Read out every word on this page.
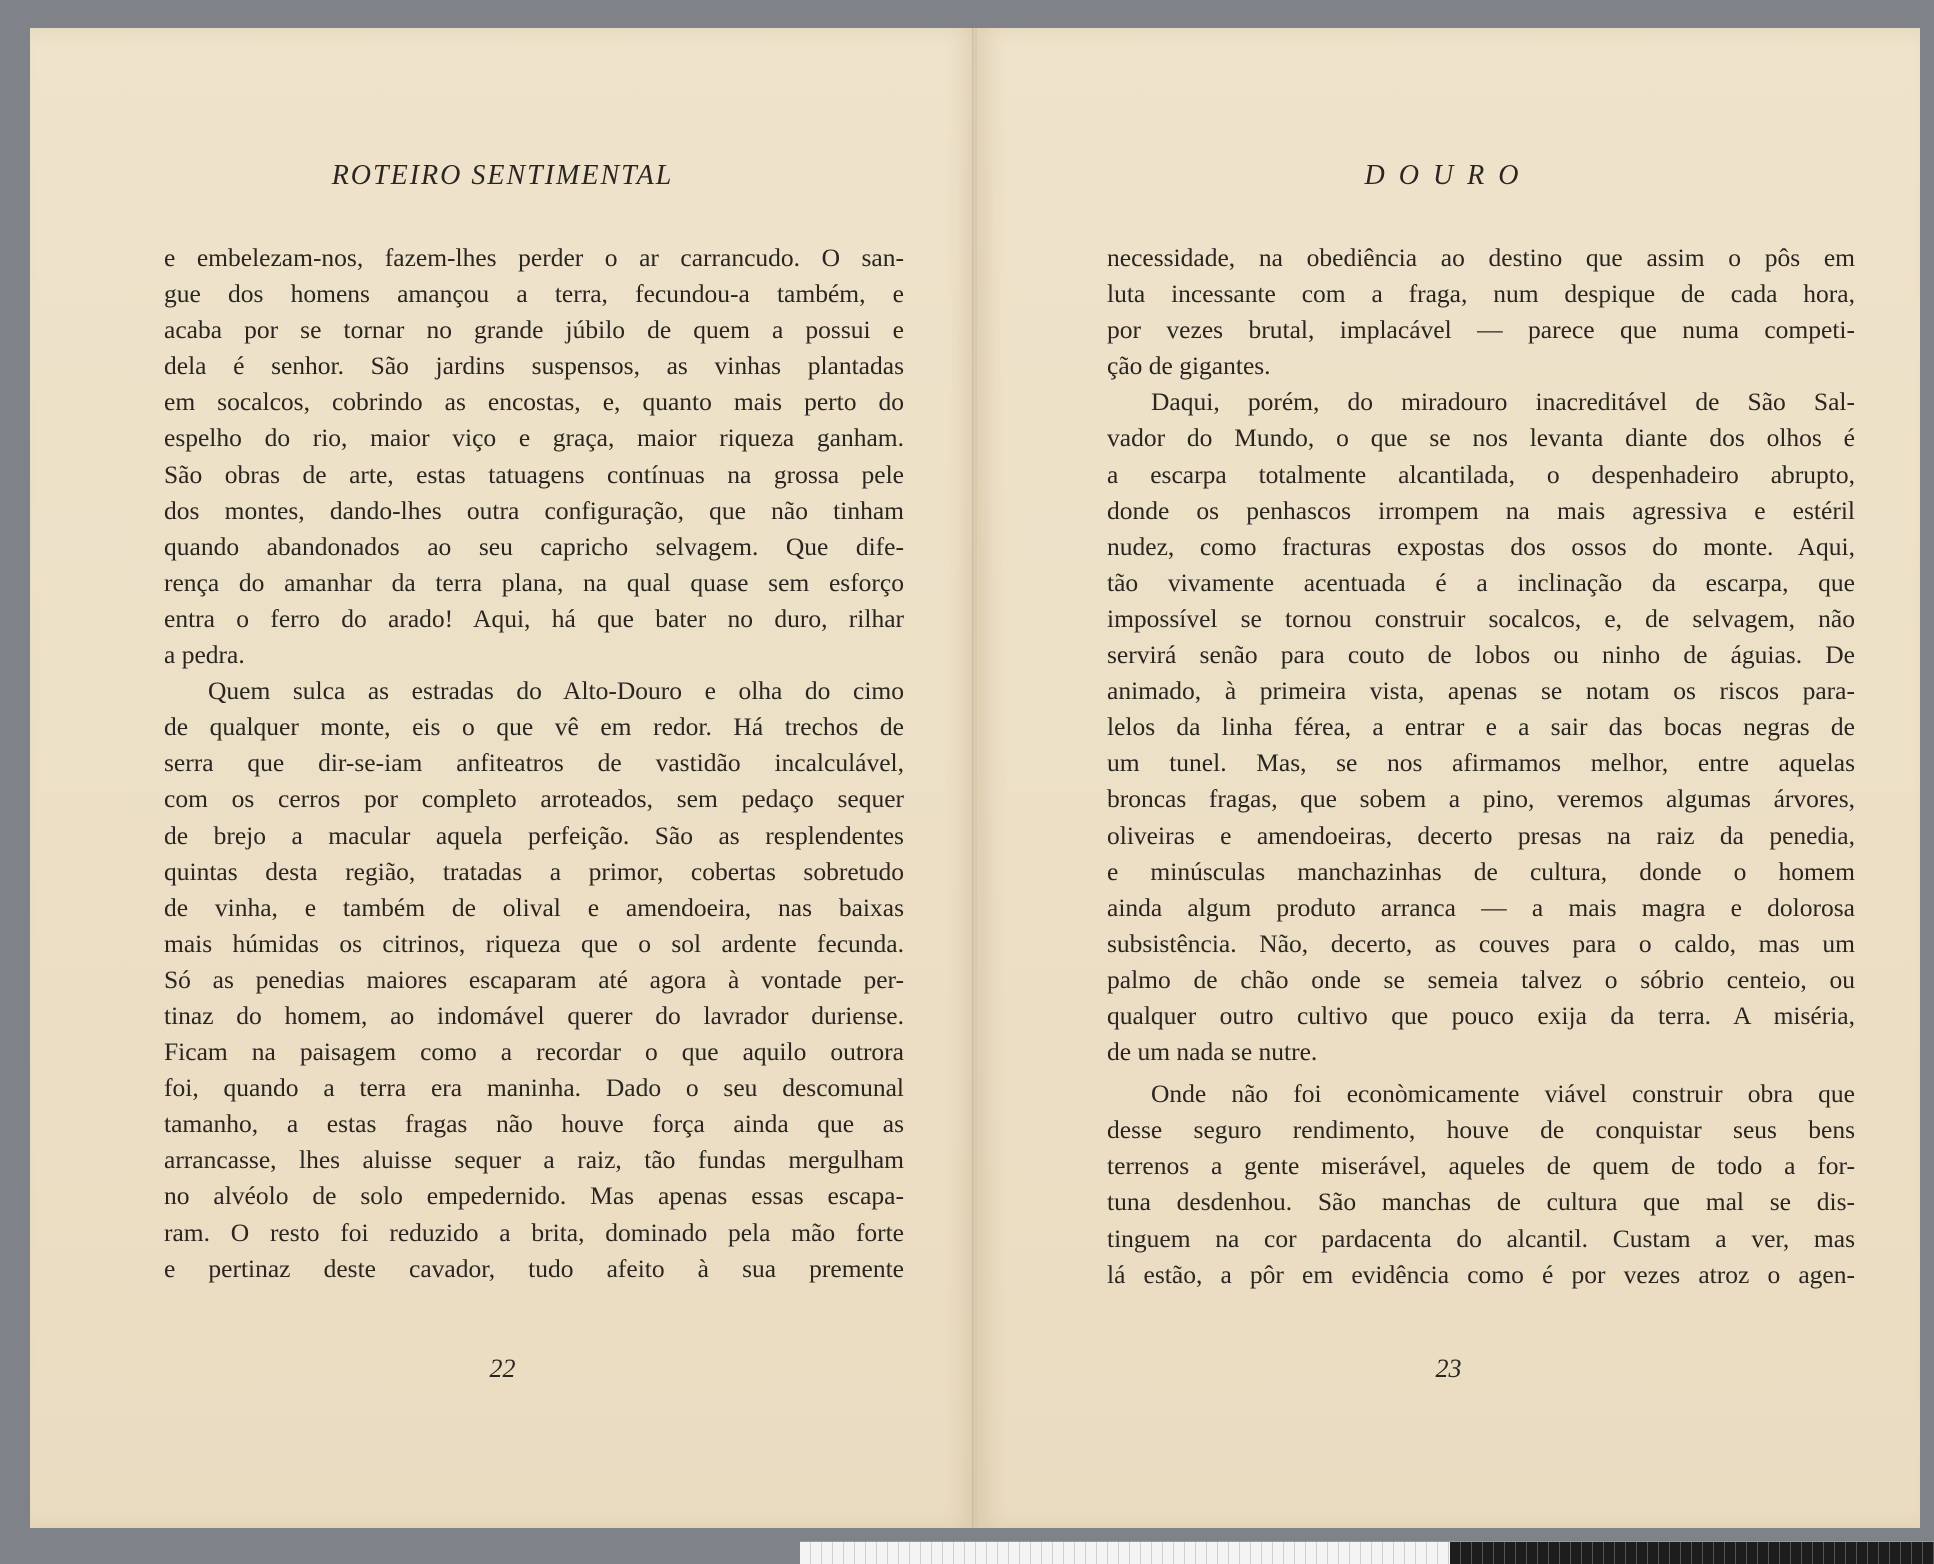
ROTEIRO SENTIMENTAL
e embelezam-nos, fazem-lhes perder o ar carrancudo. O san-
gue dos homens amançou a terra, fecundou-a também, e
acaba por se tornar no grande júbilo de quem a possui e
dela é senhor. São jardins suspensos, as vinhas plantadas
em socalcos, cobrindo as encostas, e, quanto mais perto do
espelho do rio, maior viço e graça, maior riqueza ganham.
São obras de arte, estas tatuagens contínuas na grossa pele
dos montes, dando-lhes outra configuração, que não tinham
quando abandonados ao seu capricho selvagem. Que dife-
rença do amanhar da terra plana, na qual quase sem esforço
entra o ferro do arado! Aqui, há que bater no duro, rilhar
a pedra.
Quem sulca as estradas do Alto-Douro e olha do cimo
de qualquer monte, eis o que vê em redor. Há trechos de
serra que dir-se-iam anfiteatros de vastidão incalculável,
com os cerros por completo arroteados, sem pedaço sequer
de brejo a macular aquela perfeição. São as resplendentes
quintas desta região, tratadas a primor, cobertas sobretudo
de vinha, e também de olival e amendoeira, nas baixas
mais húmidas os citrinos, riqueza que o sol ardente fecunda.
Só as penedias maiores escaparam até agora à vontade per-
tinaz do homem, ao indomável querer do lavrador duriense.
Ficam na paisagem como a recordar o que aquilo outrora
foi, quando a terra era maninha. Dado o seu descomunal
tamanho, a estas fragas não houve força ainda que as
arrancasse, lhes aluisse sequer a raiz, tão fundas mergulham
no alvéolo de solo empedernido. Mas apenas essas escapa-
ram. O resto foi reduzido a brita, dominado pela mão forte
e pertinaz deste cavador, tudo afeito à sua premente
22
DOURO
necessidade, na obediência ao destino que assim o pôs em
luta incessante com a fraga, num despique de cada hora,
por vezes brutal, implacável — parece que numa competi-
ção de gigantes.
Daqui, porém, do miradouro inacreditável de São Sal-
vador do Mundo, o que se nos levanta diante dos olhos é
a escarpa totalmente alcantilada, o despenhadeiro abrupto,
donde os penhascos irrompem na mais agressiva e estéril
nudez, como fracturas expostas dos ossos do monte. Aqui,
tão vivamente acentuada é a inclinação da escarpa, que
impossível se tornou construir socalcos, e, de selvagem, não
servirá senão para couto de lobos ou ninho de águias. De
animado, à primeira vista, apenas se notam os riscos para-
lelos da linha férea, a entrar e a sair das bocas negras de
um tunel. Mas, se nos afirmamos melhor, entre aquelas
broncas fragas, que sobem a pino, veremos algumas árvores,
oliveiras e amendoeiras, decerto presas na raiz da penedia,
e minúsculas manchazinhas de cultura, donde o homem
ainda algum produto arranca — a mais magra e dolorosa
subsistência. Não, decerto, as couves para o caldo, mas um
palmo de chão onde se semeia talvez o sóbrio centeio, ou
qualquer outro cultivo que pouco exija da terra. A miséria,
de um nada se nutre.
Onde não foi econòmicamente viável construir obra que
desse seguro rendimento, houve de conquistar seus bens
terrenos a gente miserável, aqueles de quem de todo a for-
tuna desdenhou. São manchas de cultura que mal se dis-
tinguem na cor pardacenta do alcantil. Custam a ver, mas
lá estão, a pôr em evidência como é por vezes atroz o agen-
23
